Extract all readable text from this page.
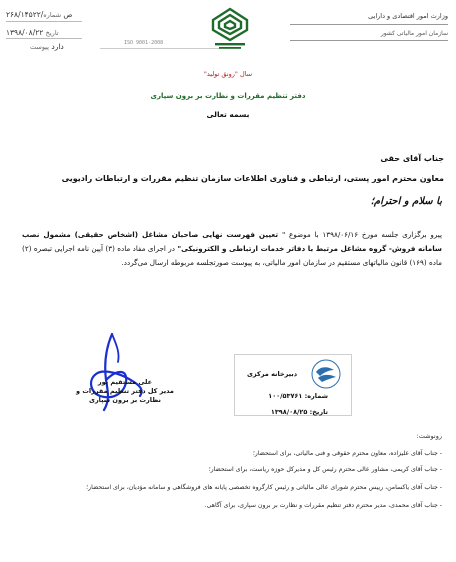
۲۶۸/۱۴۵۲۲/ص شماره
۱۳۹۸/۰۸/۲۲ تاریخ
دارد پیوست	ISO 9001-2008
وزارت امور اقتصادی و دارایی
سازمان امور مالیاتی کشور
سال "رونق تولید"
دفتر تنظیم مقررات و نظارت بر برون سپاری
بسمه تعالی
جناب آقای حقی
معاون محترم امور پستی، ارتباطی و فناوری اطلاعات سازمان تنظیم مقررات و ارتباطات رادیویی
با سلام و احترام؛
پیرو برگزاری جلسه مورخ ۱۳۹۸/۰۶/۱۶ با موضوع " تعیین فهرست نهایی صاحبان مشاغل (اشخاص حقیقی) مشمول نصب سامانه فروش- گروه مشاغل مرتبط با دفاتر خدمات ارتباطی و الکترونیکی" در اجرای مفاد ماده (۳) آیین نامه اجرایی تبصره (۲) ماده (۱۶۹) قانون مالیاتهای مستقیم در سازمان امور مالیاتی، به پیوست صورتجلسه مربوطه ارسال می‌گردد.
علی مستقیم پور
مدیر کل دفتر تنظیم مقررات و
نظارت بر برون سپاری
دبیرخانه مرکزی
شماره: ۱۰۰/۵۳۷۶۱
تاریخ: ۱۳۹۸/۰۸/۲۵
رونوشت:
- جناب آقای علیزاده، معاون محترم حقوقی و فنی مالیاتی، برای استحضار؛
- جناب آقای کریمی، مشاور عالی محترم رئیس کل و مدیرکل حوزه ریاست، برای استحضار؛
- جناب آقای یاکسامن، رییس محترم شورای عالی مالیاتی و رئیس کارگروه تخصصی پایانه های فروشگاهی و سامانه مؤدیان، برای استحضار؛
- جناب آقای محمدی، مدیر محترم دفتر تنظیم مقررات و نظارت بر برون سپاری، برای آگاهی.
